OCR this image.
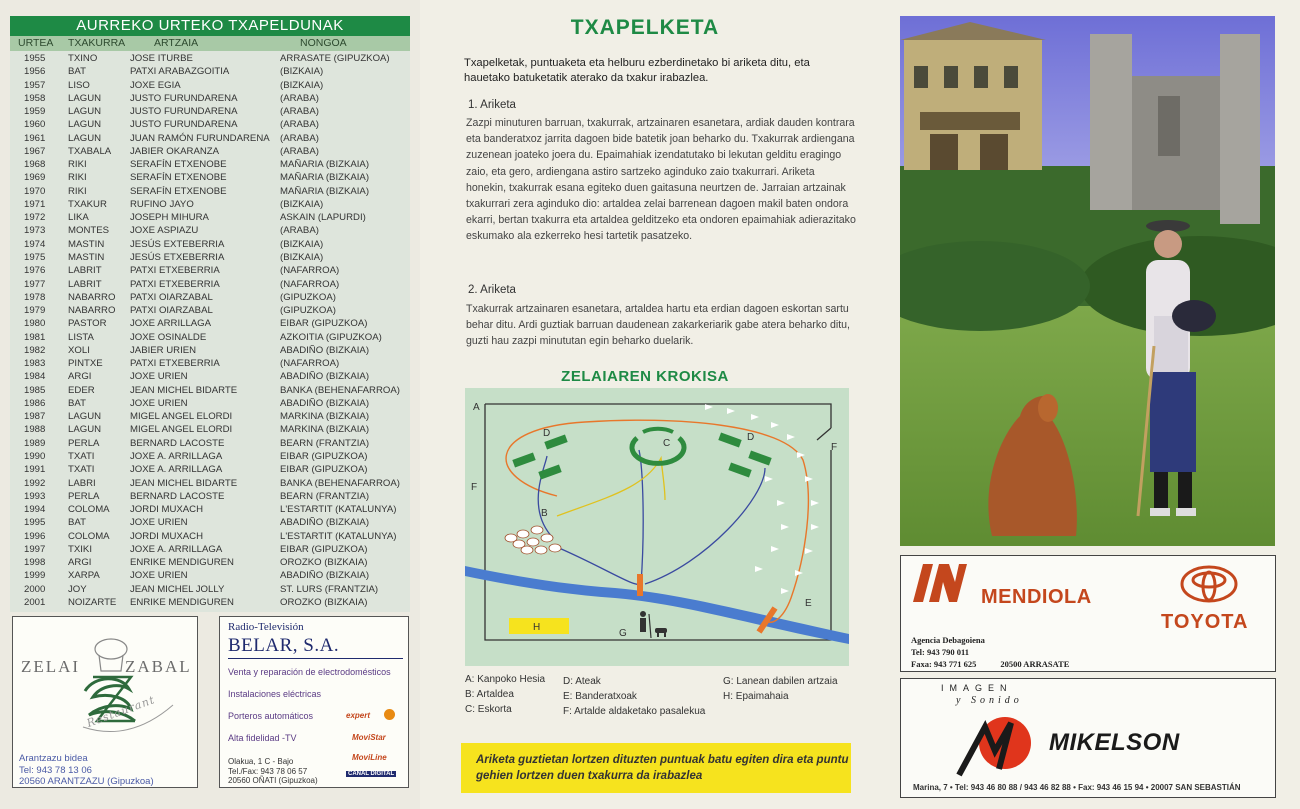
AURREKO URTEKO TXAPELDUNAK
URTEA	TXAKURRA	ARTZAIA	NONGOA
1955	TXINO	JOSE ITURBE	ARRASATE (GIPUZKOA)
1956	BAT	PATXI ARABAZGOITIA	(BIZKAIA)
1957	LISO	JOXE EGIA	(BIZKAIA)
1958	LAGUN	JUSTO FURUNDARENA	(ARABA)
1959	LAGUN	JUSTO FURUNDARENA	(ARABA)
1960	LAGUN	JUSTO FURUNDARENA	(ARABA)
1961	LAGUN	JUAN RAMÓN FURUNDARENA	(ARABA)
1967	TXABALA	JABIER OKARANZA	(ARABA)
1968	RIKI	SERAFÍN ETXENOBE	MAÑARIA (BIZKAIA)
1969	RIKI	SERAFÍN ETXENOBE	MAÑARIA (BIZKAIA)
1970	RIKI	SERAFÍN ETXENOBE	MAÑARIA (BIZKAIA)
1971	TXAKUR	RUFINO JAYO	(BIZKAIA)
1972	LIKA	JOSEPH MIHURA	ASKAIN (LAPURDI)
1973	MONTES	JOXE ASPIAZU	(ARABA)
1974	MASTIN	JESÚS EXTEBERRIA	(BIZKAIA)
1975	MASTIN	JESÚS ETXEBERRIA	(BIZKAIA)
1976	LABRIT	PATXI ETXEBERRIA	(NAFARROA)
1977	LABRIT	PATXI ETXEBERRIA	(NAFARROA)
1978	NABARRO	PATXI OIARZABAL	(GIPUZKOA)
1979	NABARRO	PATXI OIARZABAL	(GIPUZKOA)
1980	PASTOR	JOXE ARRILLAGA	EIBAR (GIPUZKOA)
1981	LISTA	JOXE OSINALDE	AZKOITIA (GIPUZKOA)
1982	XOLI	JABIER URIEN	ABADIÑO (BIZKAIA)
1983	PINTXE	PATXI ETXEBERRIA	(NAFARROA)
1984	ARGI	JOXE URIEN	ABADIÑO (BIZKAIA)
1985	EDER	JEAN MICHEL BIDARTE	BANKA (BEHENAFARROA)
1986	BAT	JOXE URIEN	ABADIÑO (BIZKAIA)
1987	LAGUN	MIGEL ANGEL ELORDI	MARKINA (BIZKAIA)
1988	LAGUN	MIGEL ANGEL ELORDI	MARKINA (BIZKAIA)
1989	PERLA	BERNARD LACOSTE	BEARN (FRANTZIA)
1990	TXATI	JOXE A. ARRILLAGA	EIBAR (GIPUZKOA)
1991	TXATI	JOXE A. ARRILLAGA	EIBAR (GIPUZKOA)
1992	LABRI	JEAN MICHEL BIDARTE	BANKA (BEHENAFARROA)
1993	PERLA	BERNARD LACOSTE	BEARN (FRANTZIA)
1994	COLOMA	JORDI MUXACH	L'ESTARTIT (KATALUNYA)
1995	BAT	JOXE URIEN	ABADIÑO (BIZKAIA)
1996	COLOMA	JORDI MUXACH	L'ESTARTIT (KATALUNYA)
1997	TXIKI	JOXE A. ARRILLAGA	EIBAR (GIPUZKOA)
1998	ARGI	ENRIKE MENDIGUREN	OROZKO (BIZKAIA)
1999	XARPA	JOXE URIEN	ABADIÑO (BIZKAIA)
2000	JOY	JEAN MICHEL JOLLY	ST. LURS (FRANTZIA)
2001	NOIZARTE	ENRIKE MENDIGUREN	OROZKO (BIZKAIA)
ZELAI	ZABAL
Restaurant
Arantzazu bidea
Tel: 943 78 13 06
20560 ARANTZAZU (Gipuzkoa)
Radio-Televisión
BELAR, S.A.
Venta y reparación de electrodomésticos
Instalaciones eléctricas
Porteros automáticos
Alta fidelidad -TV
expert
MoviStar
MoviLine
CANAL DIGITAL
Olakua, 1 C - Bajo
Tel./Fax: 943 78 06 57
20560 OÑATI (Gipuzkoa)
TXAPELKETA
Txapelketak, puntuaketa eta helburu ezberdinetako bi ariketa ditu, eta hauetako batuketatik aterako da txakur irabazlea.
1. Ariketa
Zazpi minuturen barruan, txakurrak, artzainaren esanetara, ardiak dauden kontrara eta banderatxoz jarrita dagoen bide batetik joan beharko du. Txakurrak ardiengana zuzenean joateko joera du. Epaimahiak izendatutako bi lekutan gelditu eragingo zaio, eta gero, ardiengana astiro sartzeko aginduko zaio txakurrari. Ariketa honekin, txakurrak esana egiteko duen gaitasuna neurtzen de. Jarraian artzainak txakurrari zera aginduko dio: artaldea zelai barrenean dagoen makil baten ondora ekarri, bertan txakurra eta artaldea gelditzeko eta ondoren epaimahiak adierazitako eskumako ala ezkerreko hesi tartetik pasatzeko.
2. Ariketa
Txakurrak artzainaren esanetara, artaldea hartu eta erdian dagoen eskortan sartu behar ditu. Ardi guztiak barruan daudenean zakarkeriarik gabe atera beharko ditu, guzti hau zazpi minututan egin beharko duelarik.
ZELAIAREN KROKISA
A
D
C
D
F
F
B
E
G
H
A: Kanpoko Hesia
B: Artaldea
C: Eskorta
D: Ateak
E: Banderatxoak
F: Artalde aldaketako pasalekua
G: Lanean dabilen artzaia
H: Epaimahaia
Ariketa guztietan lortzen dituzten puntuak batu egiten dira eta puntu gehien lortzen duen txakurra da irabazlea
MENDIOLA
TOYOTA
Agencia Debagoiena
Tel: 943 790 011
Faxa: 943 771 625	20500 ARRASATE
IMAGEN
y Sonido
MIKELSON
Marina, 7 • Tel: 943 46 80 88 / 943 46 82 88 • Fax: 943 46 15 94 • 20007 SAN SEBASTIÁN
